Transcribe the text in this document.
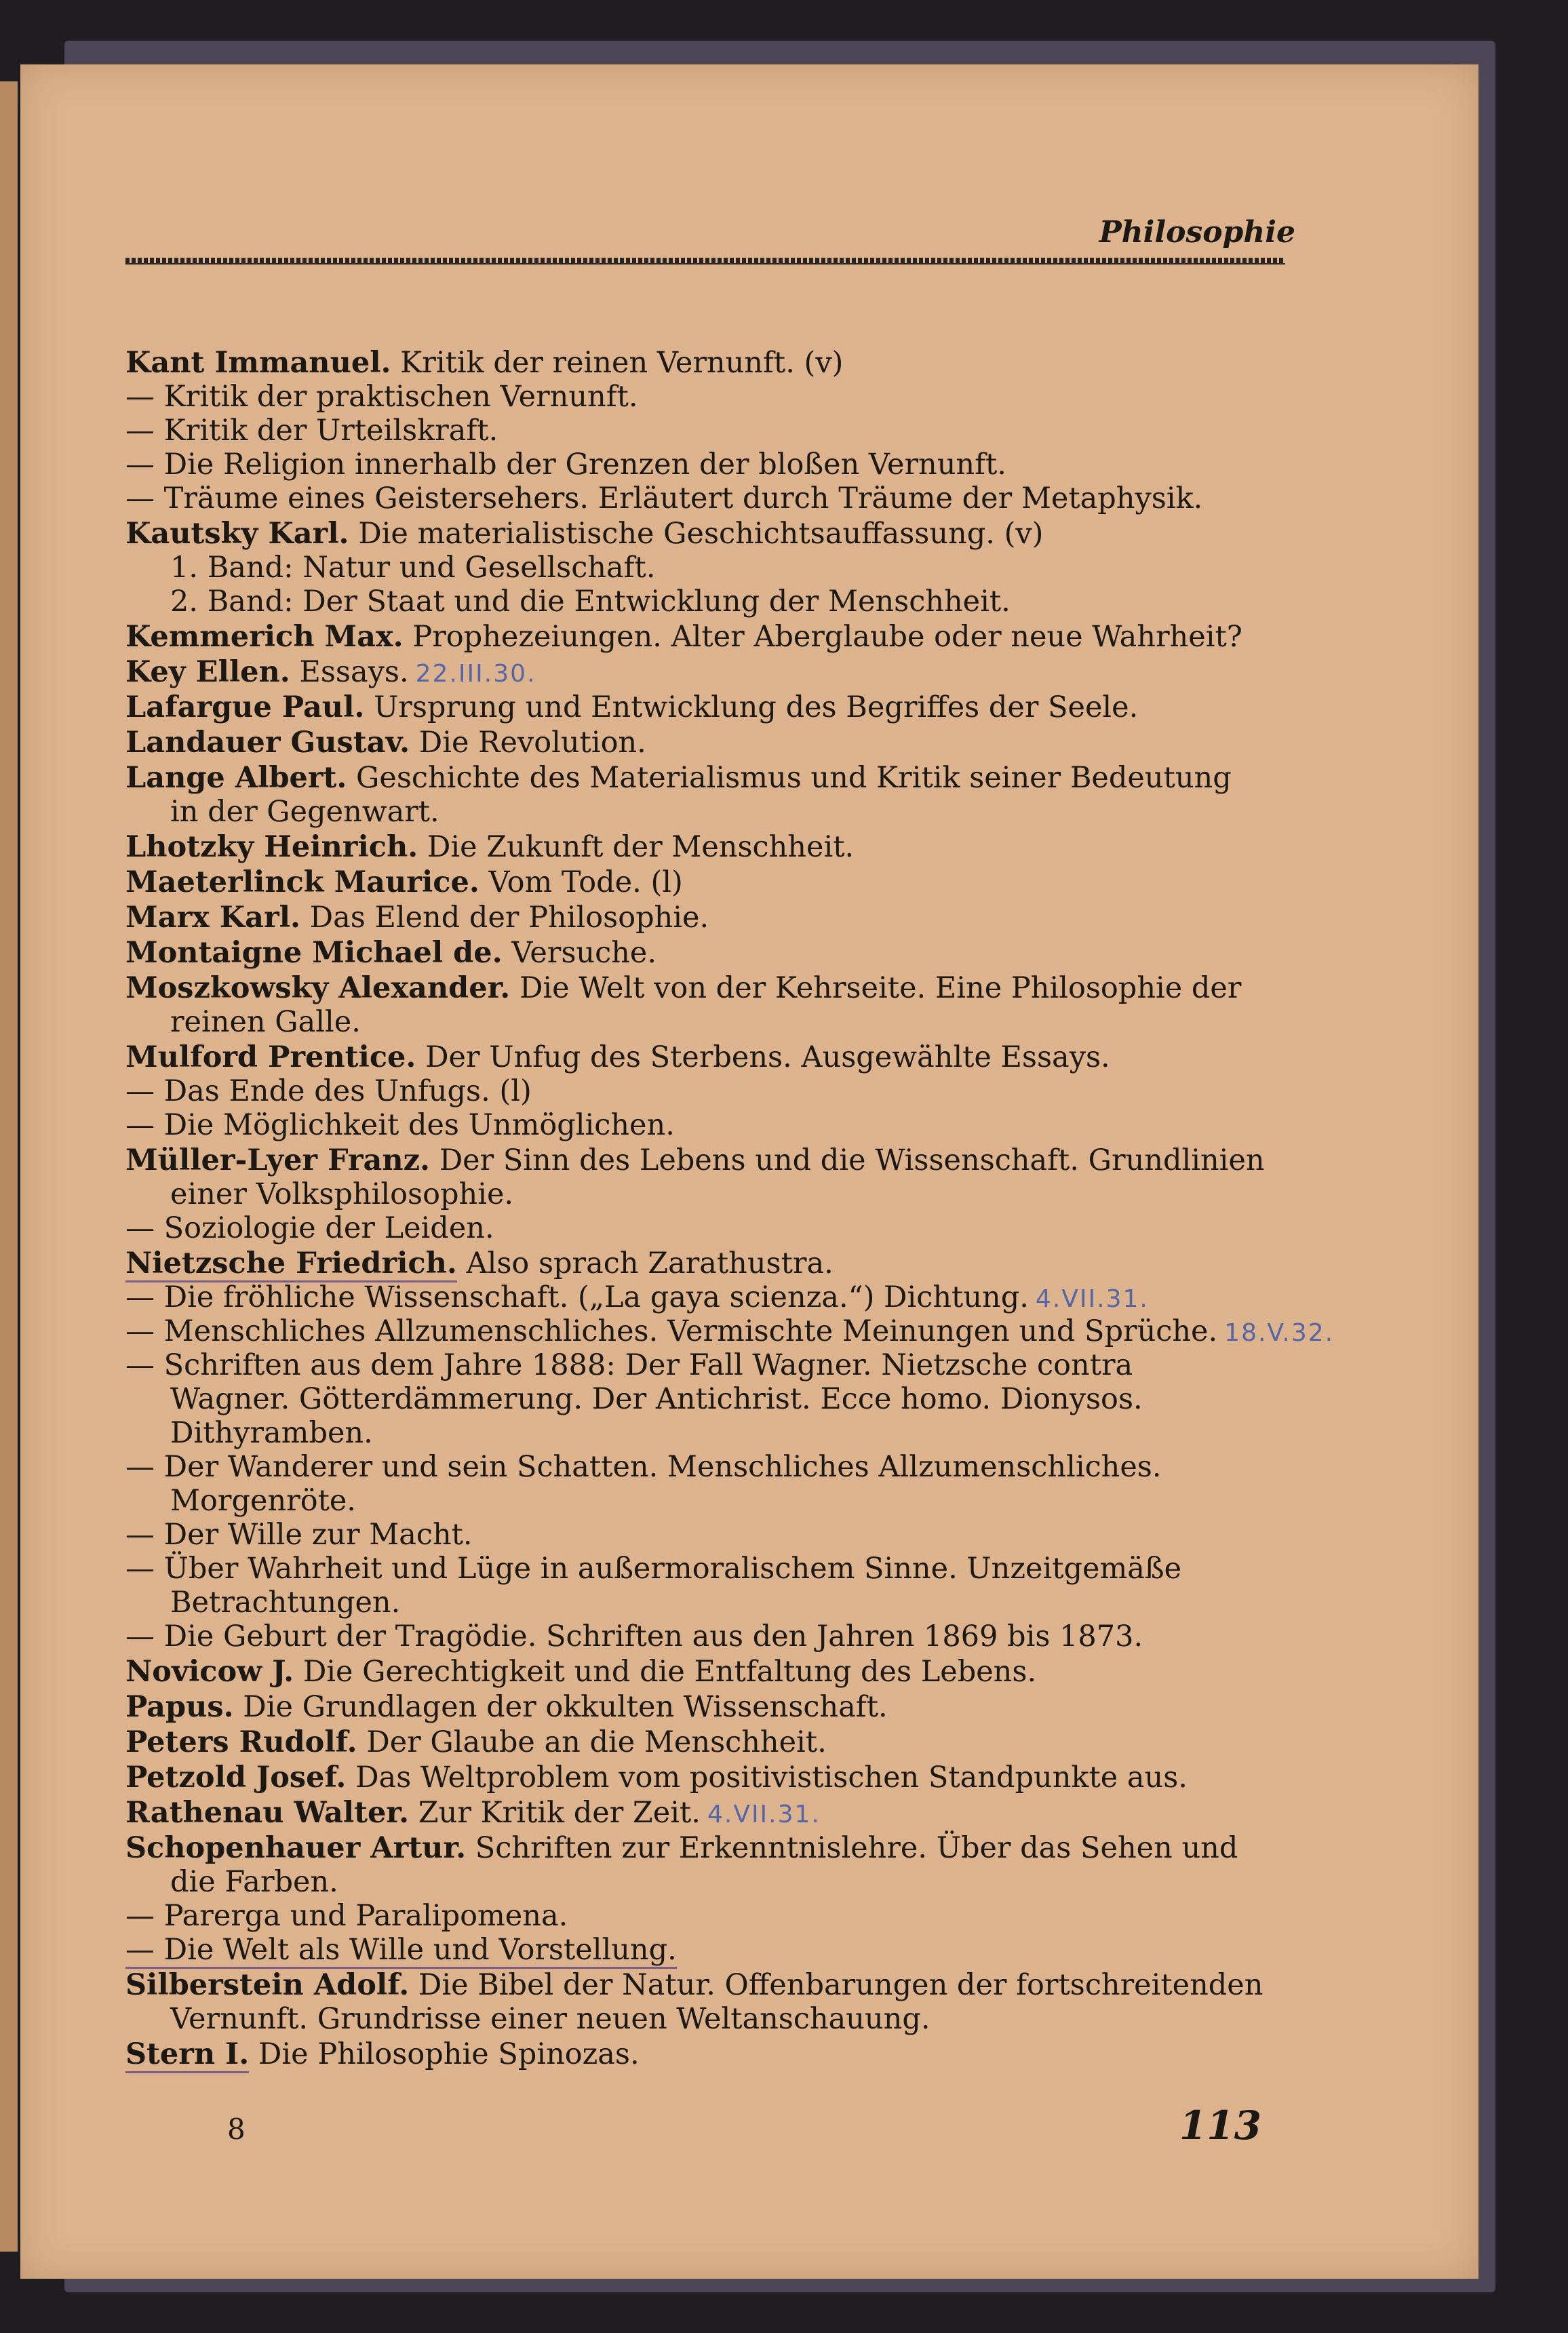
Philosophie
Kant Immanuel. Kritik der reinen Vernunft. (v)
— Kritik der praktischen Vernunft.
— Kritik der Urteilskraft.
— Die Religion innerhalb der Grenzen der bloßen Vernunft.
— Träume eines Geistersehers. Erläutert durch Träume der Metaphysik.
Kautsky Karl. Die materialistische Geschichtsauffassung. (v)
1. Band: Natur und Gesellschaft.
2. Band: Der Staat und die Entwicklung der Menschheit.
Kemmerich Max. Prophezeiungen. Alter Aberglaube oder neue Wahrheit?
Key Ellen. Essays. 22.III.30.
Lafargue Paul. Ursprung und Entwicklung des Begriffes der Seele.
Landauer Gustav. Die Revolution.
Lange Albert. Geschichte des Materialismus und Kritik seiner Bedeutung
in der Gegenwart.
Lhotzky Heinrich. Die Zukunft der Menschheit.
Maeterlinck Maurice. Vom Tode. (l)
Marx Karl. Das Elend der Philosophie.
Montaigne Michael de. Versuche.
Moszkowsky Alexander. Die Welt von der Kehrseite. Eine Philosophie der
reinen Galle.
Mulford Prentice. Der Unfug des Sterbens. Ausgewählte Essays.
— Das Ende des Unfugs. (l)
— Die Möglichkeit des Unmöglichen.
Müller-Lyer Franz. Der Sinn des Lebens und die Wissenschaft. Grundlinien
einer Volksphilosophie.
— Soziologie der Leiden.
Nietzsche Friedrich. Also sprach Zarathustra.
— Die fröhliche Wissenschaft. („La gaya scienza.“) Dichtung. 4.VII.31.
— Menschliches Allzumenschliches. Vermischte Meinungen und Sprüche. 18.V.32.
— Schriften aus dem Jahre 1888: Der Fall Wagner. Nietzsche contra
Wagner. Götterdämmerung. Der Antichrist. Ecce homo. Dionysos.
Dithyramben.
— Der Wanderer und sein Schatten. Menschliches Allzumenschliches.
Morgenröte.
— Der Wille zur Macht.
— Über Wahrheit und Lüge in außermoralischem Sinne. Unzeitgemäße
Betrachtungen.
— Die Geburt der Tragödie. Schriften aus den Jahren 1869 bis 1873.
Novicow J. Die Gerechtigkeit und die Entfaltung des Lebens.
Papus. Die Grundlagen der okkulten Wissenschaft.
Peters Rudolf. Der Glaube an die Menschheit.
Petzold Josef. Das Weltproblem vom positivistischen Standpunkte aus.
Rathenau Walter. Zur Kritik der Zeit. 4.VII.31.
Schopenhauer Artur. Schriften zur Erkenntnislehre. Über das Sehen und
die Farben.
— Parerga und Paralipomena.
— Die Welt als Wille und Vorstellung.
Silberstein Adolf. Die Bibel der Natur. Offenbarungen der fortschreitenden
Vernunft. Grundrisse einer neuen Weltanschauung.
Stern I. Die Philosophie Spinozas.
8	113
